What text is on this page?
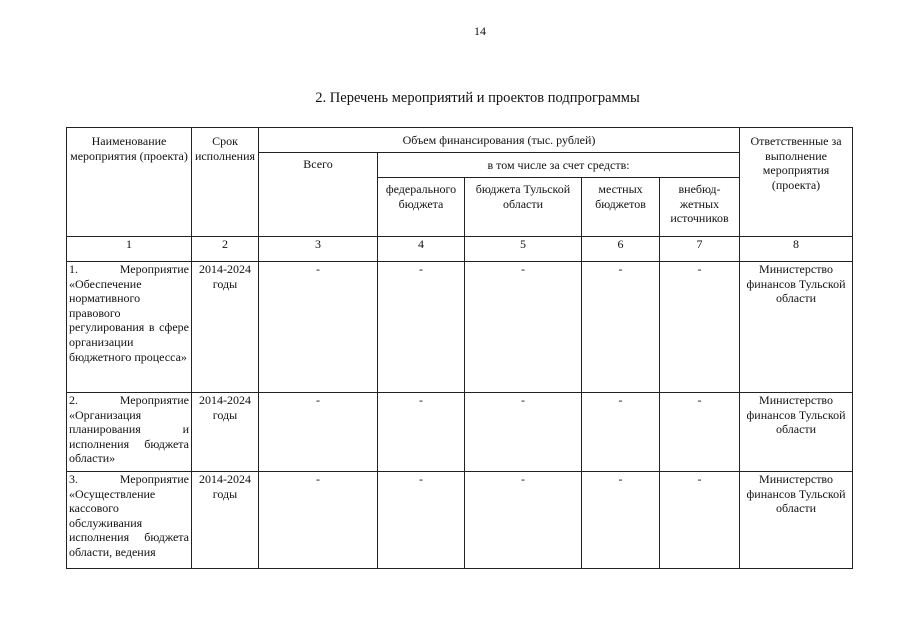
14
2. Перечень мероприятий и проектов подпрограммы
Наименование мероприятия (проекта)	Срок исполнения	Объем финансирования (тыс. рублей)					Ответственные за выполнение мероприятия (проекта)
		Всего	в том числе за счет средств:				
			федерального бюджета	бюджета Тульской области	местных бюджетов	внебюд-жетных источников	
1	2	3	4	5	6	7	8
1. Мероприятие «Обеспечение нормативного правового регулирования в сфере организации бюджетного процесса»	2014-2024 годы	-	-	-	-	-	Министерство финансов Тульской области
2. Мероприятие «Организация планирования и исполнения бюджета области»	2014-2024 годы	-	-	-	-	-	Министерство финансов Тульской области
3. Мероприятие «Осуществление кассового обслуживания исполнения бюджета области, ведения	2014-2024 годы	-	-	-	-	-	Министерство финансов Тульской области
